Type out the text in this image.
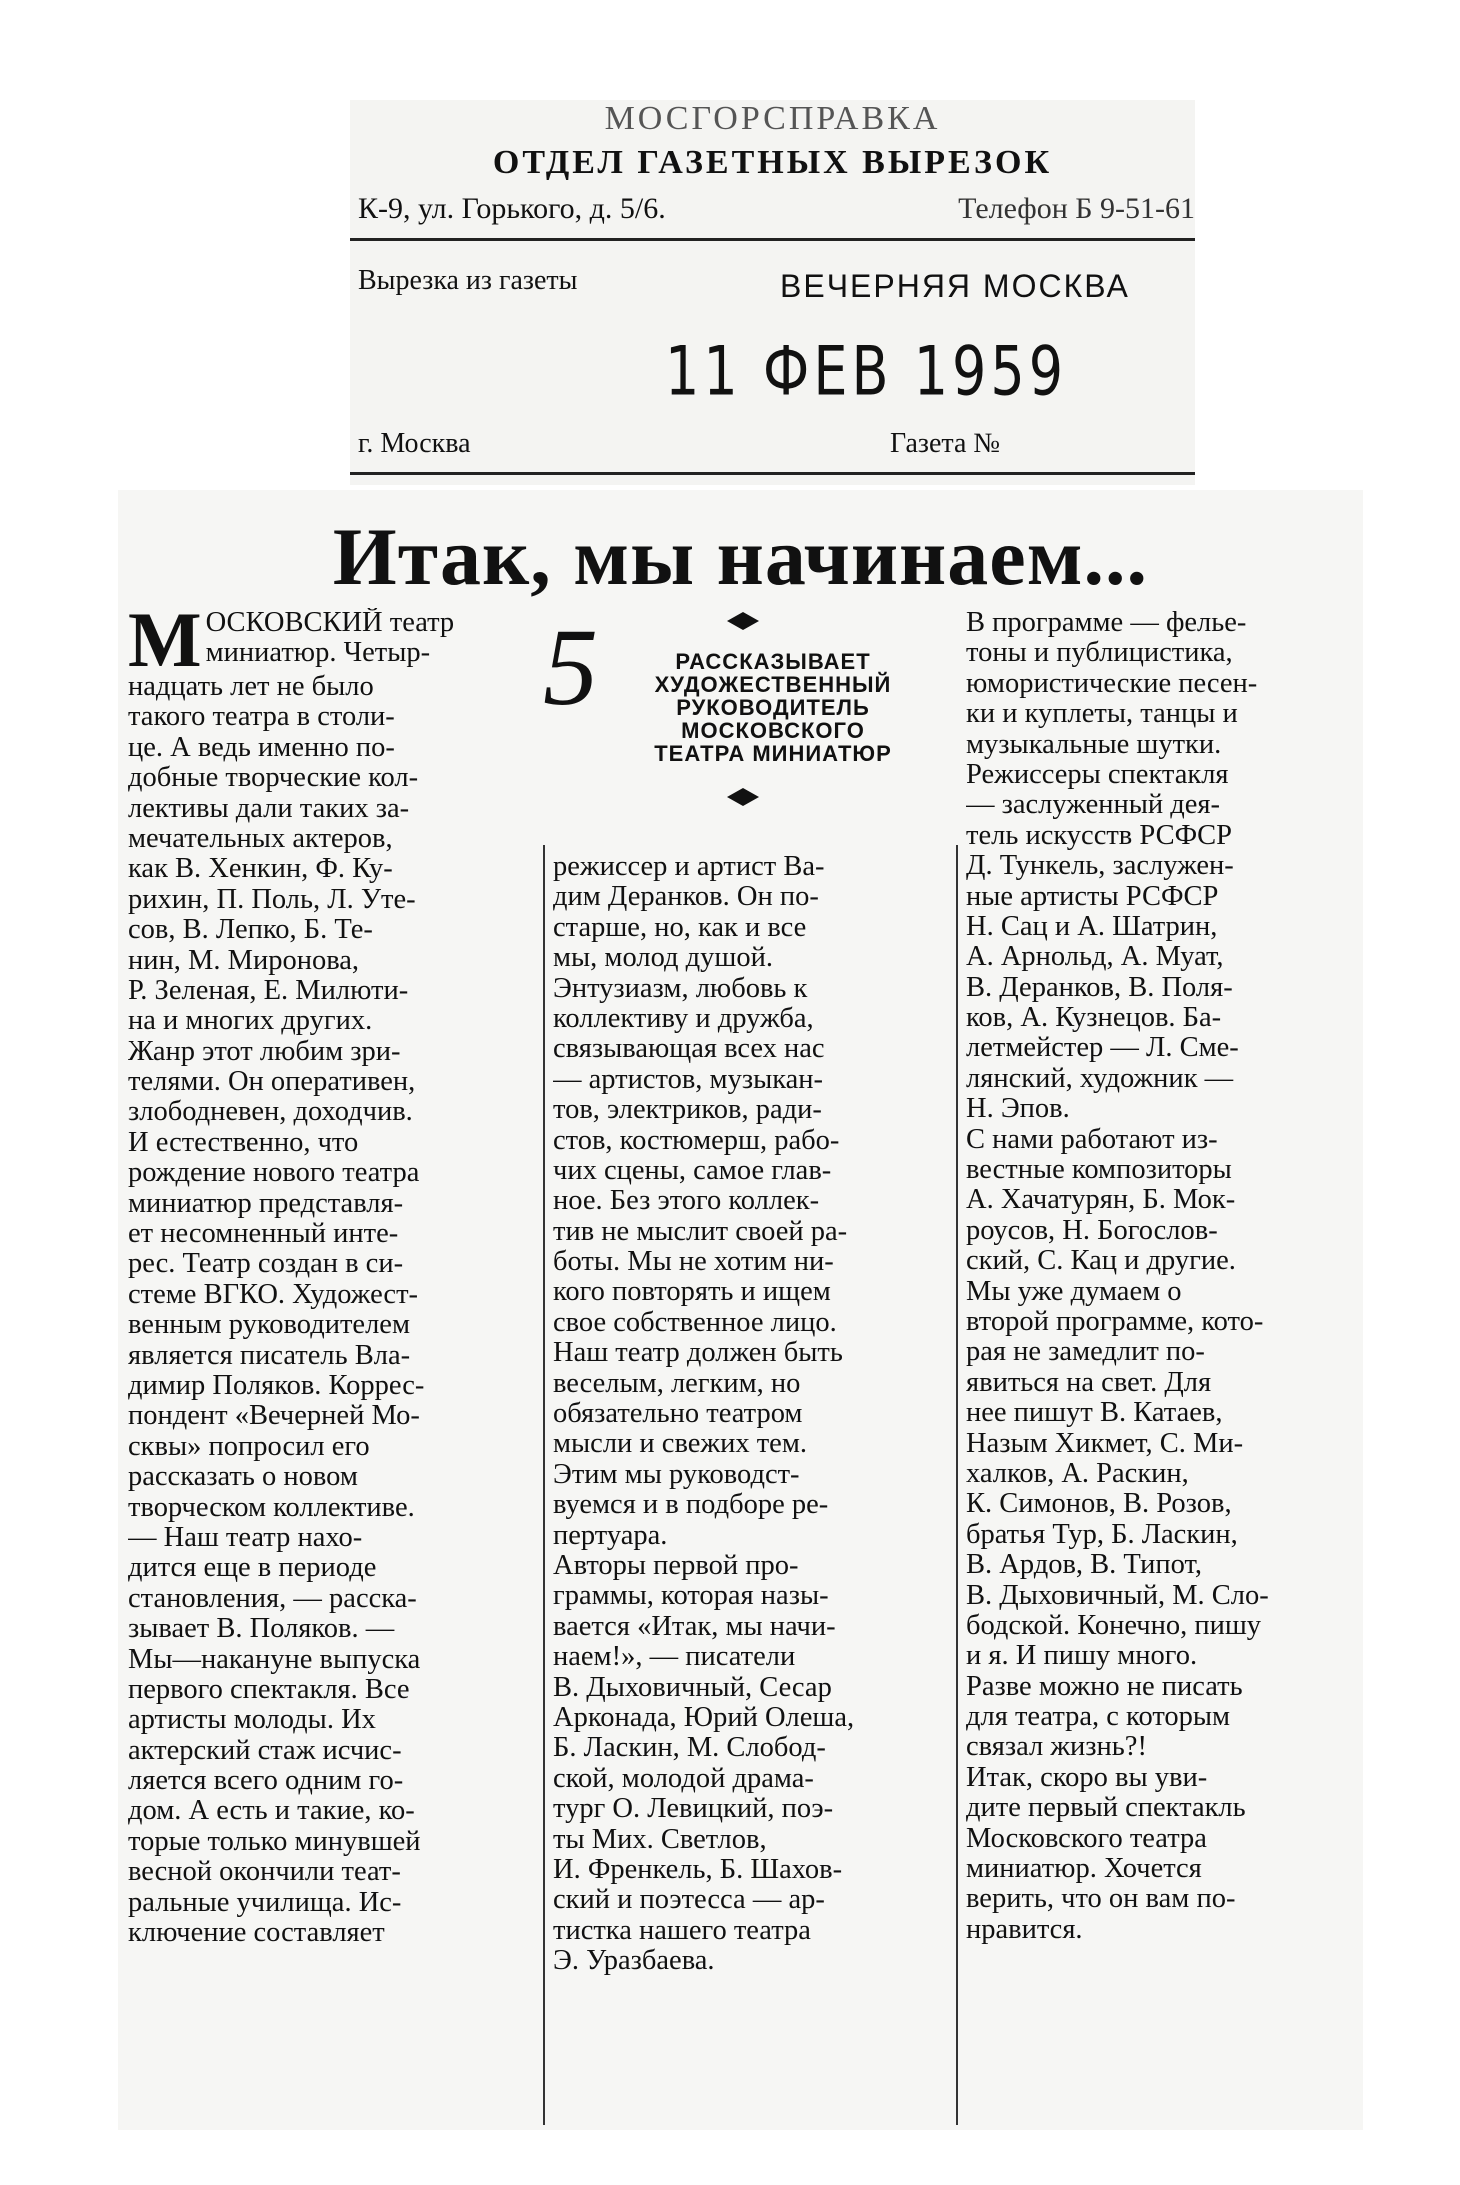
МОСГОРСПРАВКА
ОТДЕЛ ГАЗЕТНЫХ ВЫРЕЗОК
К-9, ул. Горького, д. 5/6.	Телефон Б 9-51-61
Вырезка из газеты	ВЕЧЕРНЯЯ МОСКВА
11 ФЕВ 1959
г. Москва	Газета №
Итак, мы начинаем...
М ОСКОВСКИЙ театр
миниатюр. Четыр-
надцать лет не было
такого театра в столи-
це. А ведь именно по-
добные творческие кол-
лективы дали таких за-
мечательных актеров,
как В. Хенкин, Ф. Ку-
рихин, П. Поль, Л. Уте-
сов, В. Лепко, Б. Те-
нин, М. Миронова,
Р. Зеленая, Е. Милюти-
на и многих других.
Жанр этот любим зри-
телями. Он оперативен,
злободневен, доходчив.
И естественно, что
рождение нового театра
миниатюр представля-
ет несомненный инте-
рес. Театр создан в си-
стеме ВГКО. Художест-
венным руководителем
является писатель Вла-
димир Поляков. Коррес-
пондент «Вечерней Мо-
сквы» попросил его
рассказать о новом
творческом коллективе.
— Наш театр нахо-
дится еще в периоде
становления, — расска-
зывает В. Поляков. —
Мы—накануне выпуска
первого спектакля. Все
артисты молоды. Их
актерский стаж исчис-
ляется всего одним го-
дом. А есть и такие, ко-
торые только минувшей
весной окончили теат-
ральные училища. Ис-
ключение составляет
5	РАССКАЗЫВАЕТ
ХУДОЖЕСТВЕННЫЙ
РУКОВОДИТЕЛЬ
МОСКОВСКОГО
ТЕАТРА МИНИАТЮР
режиссер и артист Ва-
дим Деранков. Он по-
старше, но, как и все
мы, молод душой.
Энтузиазм, любовь к
коллективу и дружба,
связывающая всех нас
— артистов, музыкан-
тов, электриков, ради-
стов, костюмерш, рабо-
чих сцены, самое глав-
ное. Без этого коллек-
тив не мыслит своей ра-
боты. Мы не хотим ни-
кого повторять и ищем
свое собственное лицо.
Наш театр должен быть
веселым, легким, но
обязательно театром
мысли и свежих тем.
Этим мы руководст-
вуемся и в подборе ре-
пертуара.
Авторы первой про-
граммы, которая назы-
вается «Итак, мы начи-
наем!», — писатели
В. Дыховичный, Сесар
Арконада, Юрий Олеша,
Б. Ласкин, М. Слобод-
ской, молодой драма-
тург О. Левицкий, поэ-
ты Мих. Светлов,
И. Френкель, Б. Шахов-
ский и поэтесса — ар-
тистка нашего театра
Э. Уразбаева.
В программе — фелье-
тоны и публицистика,
юмористические песен-
ки и куплеты, танцы и
музыкальные шутки.
Режиссеры спектакля
— заслуженный дея-
тель искусств РСФСР
Д. Тункель, заслужен-
ные артисты РСФСР
Н. Сац и А. Шатрин,
А. Арнольд, А. Муат,
В. Деранков, В. Поля-
ков, А. Кузнецов. Ба-
летмейстер — Л. Сме-
лянский, художник —
Н. Эпов.
С нами работают из-
вестные композиторы
А. Хачатурян, Б. Мок-
роусов, Н. Богослов-
ский, С. Кац и другие.
Мы уже думаем о
второй программе, кото-
рая не замедлит по-
явиться на свет. Для
нее пишут В. Катаев,
Назым Хикмет, С. Ми-
халков, А. Раскин,
К. Симонов, В. Розов,
братья Тур, Б. Ласкин,
В. Ардов, В. Типот,
В. Дыховичный, М. Сло-
бодской. Конечно, пишу
и я. И пишу много.
Разве можно не писать
для театра, с которым
связал жизнь?!
Итак, скоро вы уви-
дите первый спектакль
Московского театра
миниатюр. Хочется
верить, что он вам по-
нравится.
